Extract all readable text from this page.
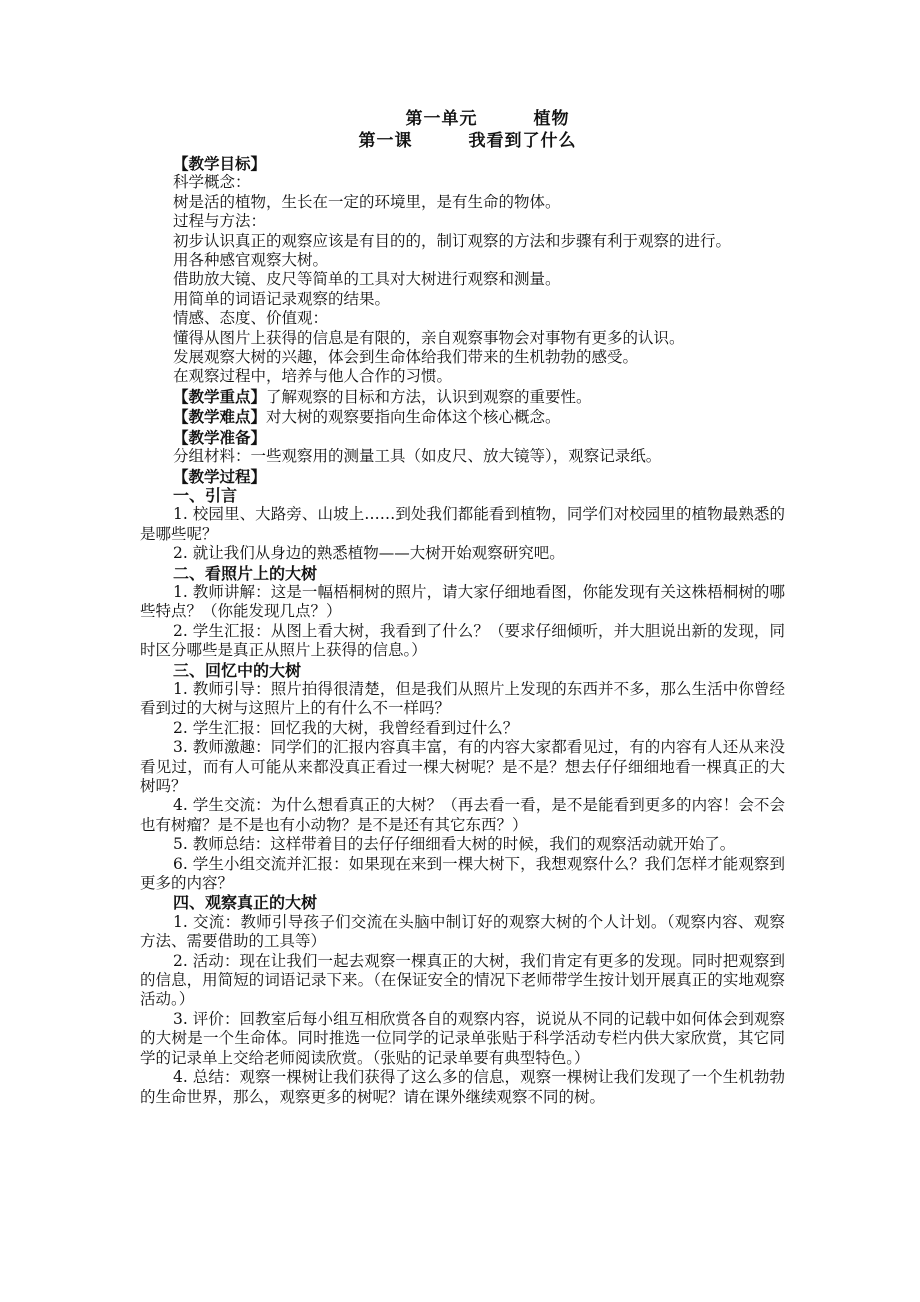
第一单元	植物
第一课	我看到了什么

【教学目标】

科学概念：

树是活的植物，生长在一定的环境里，是有生命的物体。

过程与方法：

初步认识真正的观察应该是有目的的，制订观察的方法和步骤有利于观察的进行。

用各种感官观察大树。

借助放大镜、皮尺等简单的工具对大树进行观察和测量。

用简单的词语记录观察的结果。

情感、态度、价值观：

懂得从图片上获得的信息是有限的，亲自观察事物会对事物有更多的认识。

发展观察大树的兴趣，体会到生命体给我们带来的生机勃勃的感受。

在观察过程中，培养与他人合作的习惯。

【教学重点】了解观察的目标和方法，认识到观察的重要性。

【教学难点】对大树的观察要指向生命体这个核心概念。

【教学准备】

分组材料：一些观察用的测量工具（如皮尺、放大镜等），观察记录纸。

【教学过程】

一、引言

1. 校园里、大路旁、山坡上……到处我们都能看到植物，同学们对校园里的植物最熟悉的是哪些呢？

2. 就让我们从身边的熟悉植物——大树开始观察研究吧。

二、看照片上的大树

1. 教师讲解：这是一幅梧桐树的照片，请大家仔细地看图，你能发现有关这株梧桐树的哪些特点？（你能发现几点？）

2. 学生汇报：从图上看大树，我看到了什么？（要求仔细倾听，并大胆说出新的发现，同时区分哪些是真正从照片上获得的信息。）

三、回忆中的大树

1. 教师引导：照片拍得很清楚，但是我们从照片上发现的东西并不多，那么生活中你曾经看到过的大树与这照片上的有什么不一样吗？

2. 学生汇报：回忆我的大树，我曾经看到过什么？

3. 教师激趣：同学们的汇报内容真丰富，有的内容大家都看见过，有的内容有人还从来没看见过，而有人可能从来都没真正看过一棵大树呢？是不是？想去仔仔细细地看一棵真正的大树吗？

4. 学生交流：为什么想看真正的大树？（再去看一看，是不是能看到更多的内容！会不会也有树瘤？是不是也有小动物？是不是还有其它东西？）

5. 教师总结：这样带着目的去仔仔细细看大树的时候，我们的观察活动就开始了。

6. 学生小组交流并汇报：如果现在来到一棵大树下，我想观察什么？我们怎样才能观察到更多的内容？

四、观察真正的大树

1. 交流：教师引导孩子们交流在头脑中制订好的观察大树的个人计划。（观察内容、观察方法、需要借助的工具等）

2. 活动：现在让我们一起去观察一棵真正的大树，我们肯定有更多的发现。同时把观察到的信息，用简短的词语记录下来。（在保证安全的情况下老师带学生按计划开展真正的实地观察活动。）

3. 评价：回教室后每小组互相欣赏各自的观察内容，说说从不同的记载中如何体会到观察的大树是一个生命体。同时推选一位同学的记录单张贴于科学活动专栏内供大家欣赏，其它同学的记录单上交给老师阅读欣赏。（张贴的记录单要有典型特色。）

4. 总结：观察一棵树让我们获得了这么多的信息，观察一棵树让我们发现了一个生机勃勃的生命世界，那么，观察更多的树呢？请在课外继续观察不同的树。
